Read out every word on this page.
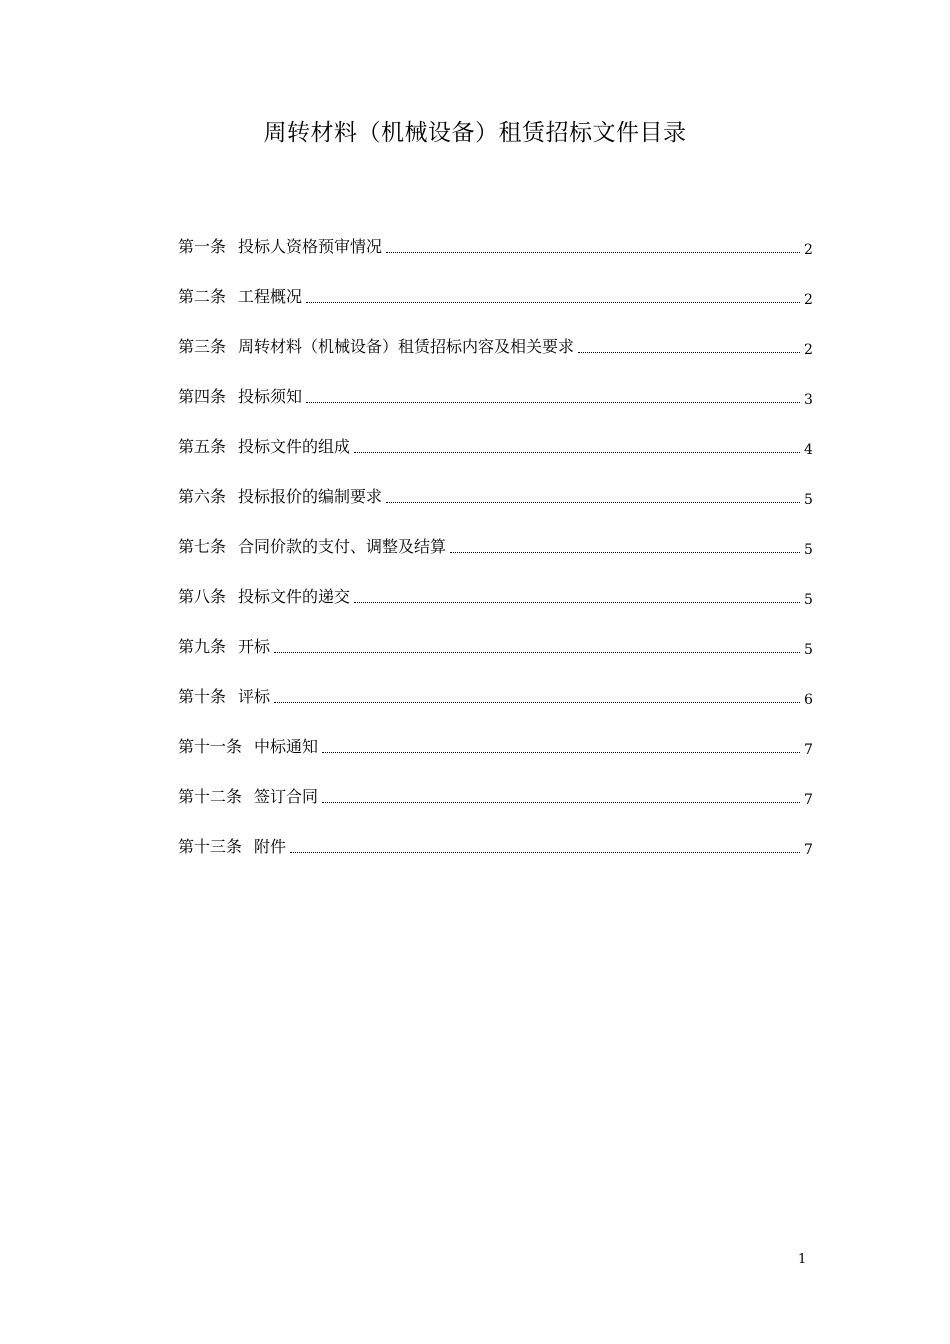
周转材料（机械设备）租赁招标文件目录
第一条 投标人资格预审情况	2
第二条 工程概况	2
第三条 周转材料（机械设备）租赁招标内容及相关要求	2
第四条 投标须知	3
第五条 投标文件的组成	4
第六条 投标报价的编制要求	5
第七条 合同价款的支付、调整及结算	5
第八条 投标文件的递交	5
第九条 开标	5
第十条 评标	6
第十一条 中标通知	7
第十二条 签订合同	7
第十三条 附件	7
1
